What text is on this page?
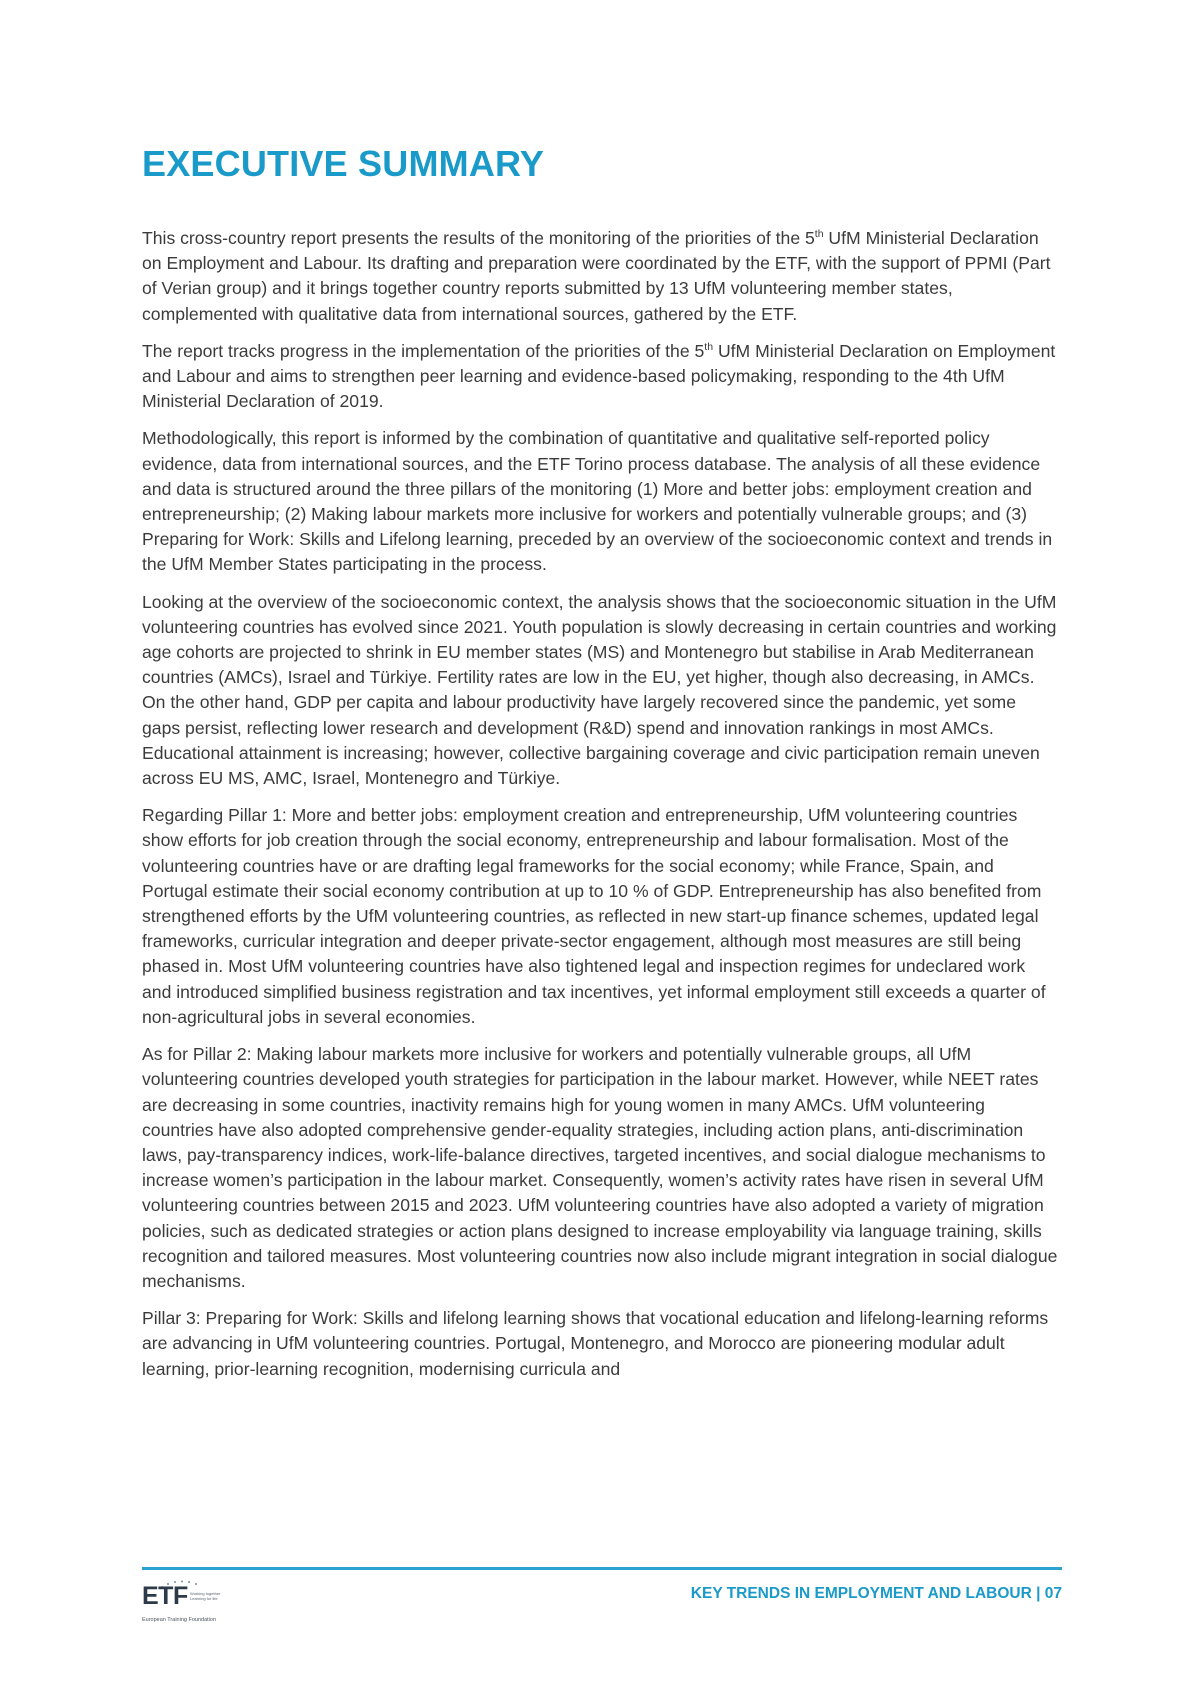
EXECUTIVE SUMMARY

This cross-country report presents the results of the monitoring of the priorities of the 5th UfM Ministerial Declaration on Employment and Labour. Its drafting and preparation were coordinated by the ETF, with the support of PPMI (Part of Verian group) and it brings together country reports submitted by 13 UfM volunteering member states, complemented with qualitative data from international sources, gathered by the ETF.

The report tracks progress in the implementation of the priorities of the 5th UfM Ministerial Declaration on Employment and Labour and aims to strengthen peer learning and evidence-based policymaking, responding to the 4th UfM Ministerial Declaration of 2019.

Methodologically, this report is informed by the combination of quantitative and qualitative self-reported policy evidence, data from international sources, and the ETF Torino process database. The analysis of all these evidence and data is structured around the three pillars of the monitoring (1) More and better jobs: employment creation and entrepreneurship; (2) Making labour markets more inclusive for workers and potentially vulnerable groups; and (3) Preparing for Work: Skills and Lifelong learning, preceded by an overview of the socioeconomic context and trends in the UfM Member States participating in the process.

Looking at the overview of the socioeconomic context, the analysis shows that the socioeconomic situation in the UfM volunteering countries has evolved since 2021. Youth population is slowly decreasing in certain countries and working age cohorts are projected to shrink in EU member states (MS) and Montenegro but stabilise in Arab Mediterranean countries (AMCs), Israel and Türkiye. Fertility rates are low in the EU, yet higher, though also decreasing, in AMCs. On the other hand, GDP per capita and labour productivity have largely recovered since the pandemic, yet some gaps persist, reflecting lower research and development (R&D) spend and innovation rankings in most AMCs. Educational attainment is increasing; however, collective bargaining coverage and civic participation remain uneven across EU MS, AMC, Israel, Montenegro and Türkiye.

Regarding Pillar 1: More and better jobs: employment creation and entrepreneurship, UfM volunteering countries show efforts for job creation through the social economy, entrepreneurship and labour formalisation. Most of the volunteering countries have or are drafting legal frameworks for the social economy; while France, Spain, and Portugal estimate their social economy contribution at up to 10 % of GDP. Entrepreneurship has also benefited from strengthened efforts by the UfM volunteering countries, as reflected in new start-up finance schemes, updated legal frameworks, curricular integration and deeper private-sector engagement, although most measures are still being phased in. Most UfM volunteering countries have also tightened legal and inspection regimes for undeclared work and introduced simplified business registration and tax incentives, yet informal employment still exceeds a quarter of non-agricultural jobs in several economies.

As for Pillar 2: Making labour markets more inclusive for workers and potentially vulnerable groups, all UfM volunteering countries developed youth strategies for participation in the labour market. However, while NEET rates are decreasing in some countries, inactivity remains high for young women in many AMCs. UfM volunteering countries have also adopted comprehensive gender-equality strategies, including action plans, anti-discrimination laws, pay-transparency indices, work-life-balance directives, targeted incentives, and social dialogue mechanisms to increase women’s participation in the labour market. Consequently, women’s activity rates have risen in several UfM volunteering countries between 2015 and 2023. UfM volunteering countries have also adopted a variety of migration policies, such as dedicated strategies or action plans designed to increase employability via language training, skills recognition and tailored measures. Most volunteering countries now also include migrant integration in social dialogue mechanisms.

Pillar 3: Preparing for Work: Skills and lifelong learning shows that vocational education and lifelong-learning reforms are advancing in UfM volunteering countries. Portugal, Montenegro, and Morocco are pioneering modular adult learning, prior-learning recognition, modernising curricula and

ETF Working together
Learning for life
European Training Foundation
KEY TRENDS IN EMPLOYMENT AND LABOUR | 07
